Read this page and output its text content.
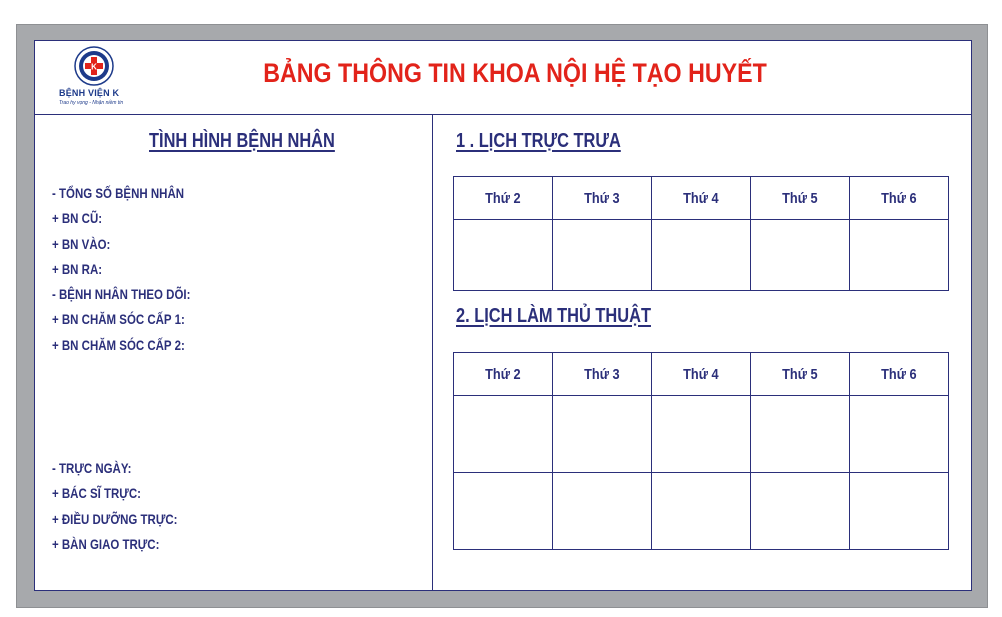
K
BỆNH VIỆN K
Trao hy vọng - Nhận niềm tin
BẢNG THÔNG TIN KHOA NỘI HỆ TẠO HUYẾT
TÌNH HÌNH BỆNH NHÂN
- TỔNG SỐ BỆNH NHÂN
+ BN CŨ:
+ BN VÀO:
+ BN RA:
- BỆNH NHÂN THEO DÕI:
+ BN CHĂM SÓC CẤP 1:
+ BN CHĂM SÓC CẤP 2:
- TRỰC NGÀY:
+ BÁC SĨ TRỰC:
+ ĐIỀU DƯỠNG TRỰC:
+ BÀN GIAO TRỰC:
1 . LỊCH TRỰC TRƯA
Thứ 2	Thứ 3	Thứ 4	Thứ 5	Thứ 6

2. LỊCH LÀM THỦ THUẬT
Thứ 2	Thứ 3	Thứ 4	Thứ 5	Thứ 6
